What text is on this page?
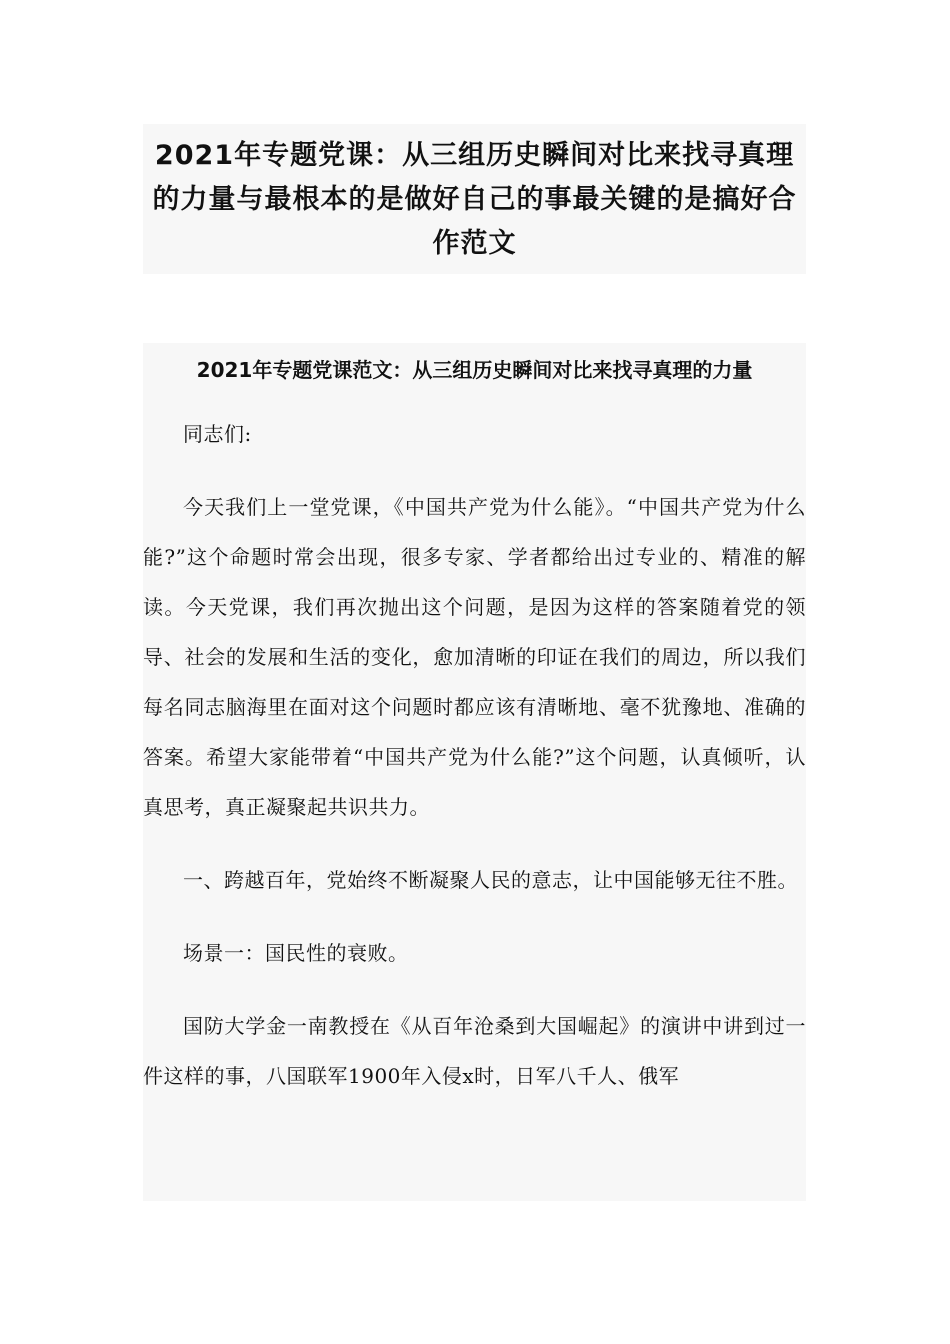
2021年专题党课：从三组历史瞬间对比来找寻真理的力量与最根本的是做好自己的事最关键的是搞好合作范文
2021年专题党课范文：从三组历史瞬间对比来找寻真理的力量

同志们:

今天我们上一堂党课，《中国共产党为什么能》。“中国共产党为什么能?”这个命题时常会出现，很多专家、学者都给出过专业的、精准的解读。今天党课，我们再次抛出这个问题，是因为这样的答案随着党的领导、社会的发展和生活的变化，愈加清晰的印证在我们的周边，所以我们每名同志脑海里在面对这个问题时都应该有清晰地、毫不犹豫地、准确的答案。希望大家能带着“中国共产党为什么能?”这个问题，认真倾听，认真思考，真正凝聚起共识共力。

一、跨越百年，党始终不断凝聚人民的意志，让中国能够无往不胜。

场景一：国民性的衰败。

国防大学金一南教授在《从百年沧桑到大国崛起》的演讲中讲到过一件这样的事，八国联军1900年入侵x时，日军八千人、俄军
